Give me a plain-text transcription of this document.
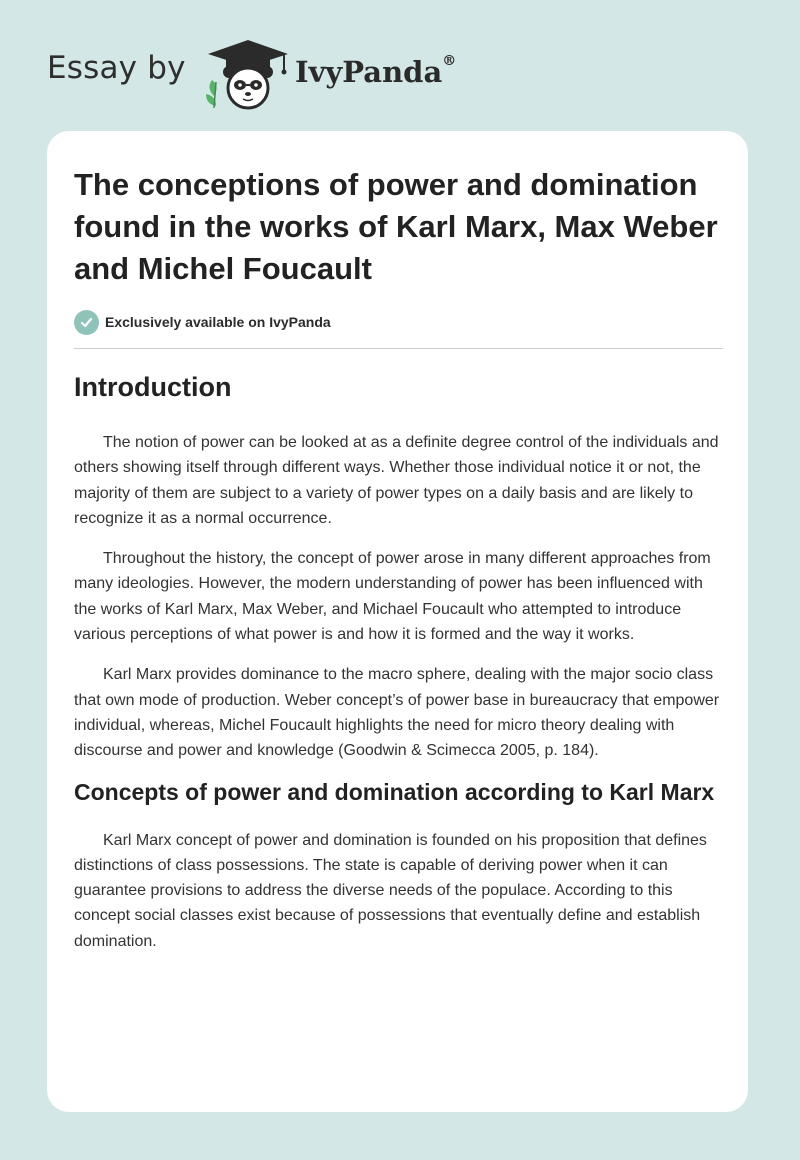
Essay by	IvyPanda®
The conceptions of power and domination found in the works of Karl Marx, Max Weber and Michel Foucault
Exclusively available on IvyPanda
Introduction

The notion of power can be looked at as a definite degree control of the individuals and others showing itself through different ways. Whether those individual notice it or not, the majority of them are subject to a variety of power types on a daily basis and are likely to recognize it as a normal occurrence.

Throughout the history, the concept of power arose in many different approaches from many ideologies. However, the modern understanding of power has been influenced with the works of Karl Marx, Max Weber, and Michael Foucault who attempted to introduce various perceptions of what power is and how it is formed and the way it works.

Karl Marx provides dominance to the macro sphere, dealing with the major socio class that own mode of production. Weber concept’s of power base in bureaucracy that empower individual, whereas, Michel Foucault highlights the need for micro theory dealing with discourse and power and knowledge (Goodwin & Scimecca 2005, p. 184).

Concepts of power and domination according to Karl Marx

Karl Marx concept of power and domination is founded on his proposition that defines distinctions of class possessions. The state is capable of deriving power when it can guarantee provisions to address the diverse needs of the populace. According to this concept social classes exist because of possessions that eventually define and establish domination.
